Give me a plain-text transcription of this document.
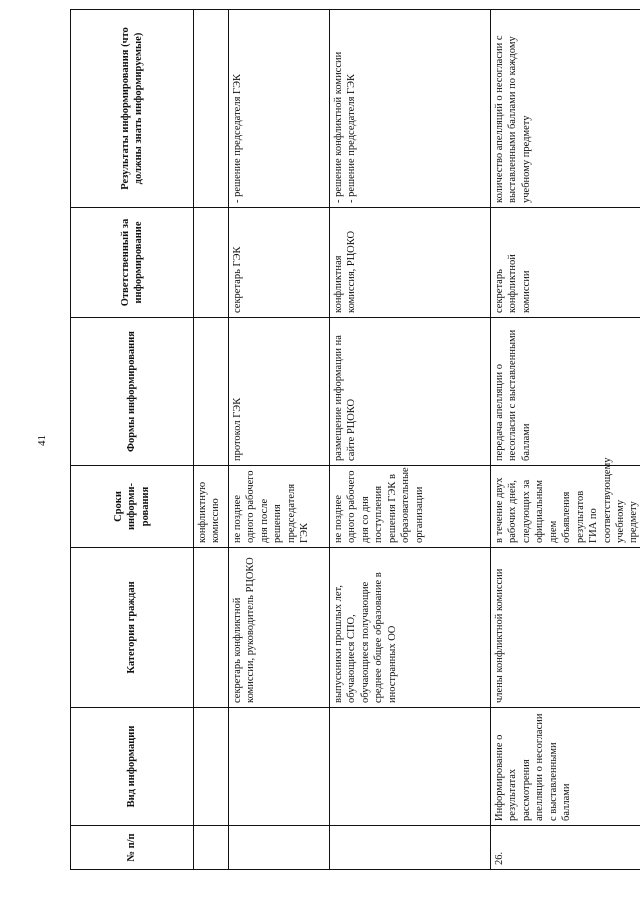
41
№ п/п	Вид информации	Категория граждан	Сроки информи-рования	Формы информирования	Ответственный за информирование	Результаты информирования (что должны знать информируемые)
			конфликтную комиссию			
		секретарь конфликтной комиссии, руководитель РЦОКО	не позднее одного рабочего дня после решения председателя ГЭК	протокол ГЭК	секретарь ГЭК	- решение председателя ГЭК
		выпускники прошлых лет, обучающиеся СПО, обучающиеся получающие среднее общее образование в иностранных ОО	не позднее одного рабочего дня со дня поступления решения ГЭК в образовательные организации	размещение информации на сайте РЦОКО	конфликтная комиссия, РЦОКО	- решение конфликтной комиссии
- решение председателя ГЭК
26.	Информирование о результатах рассмотрения апелляции о несогласии с выставленными баллами	члены конфликтной комиссии	в течение двух рабочих дней, следующих за официальным днем объявления результатов ГИА по соответствующему учебному предмету	передача апелляции о несогласии с выставленными баллами	секретарь конфликтной комиссии	количество апелляций о несогласии с выставленными баллами по каждому учебному предмету
